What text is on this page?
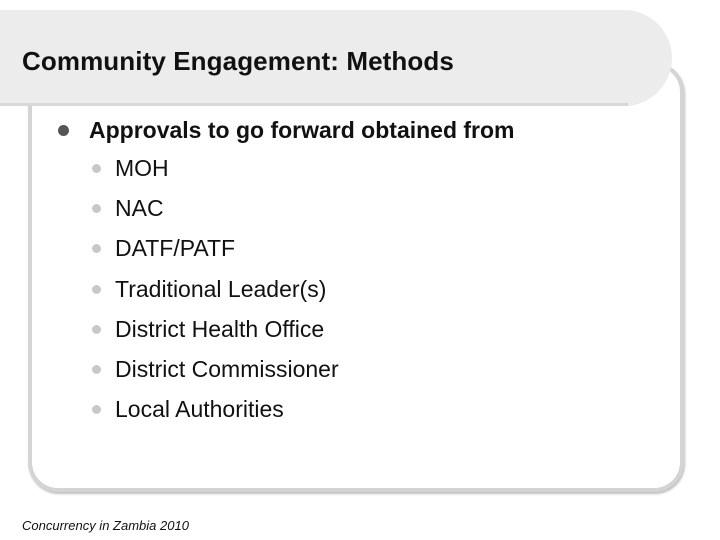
Community Engagement: Methods
Approvals to go forward obtained from
MOH
NAC
DATF/PATF
Traditional Leader(s)
District Health Office
District Commissioner
Local Authorities
Concurrency in Zambia 2010
